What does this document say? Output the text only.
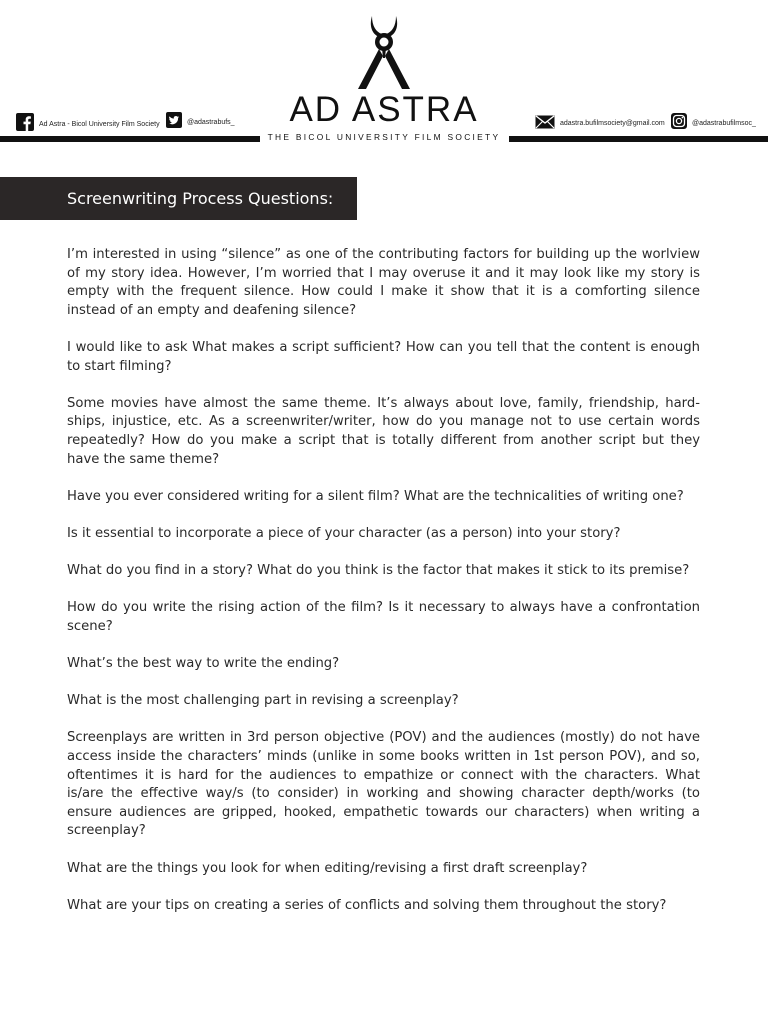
Ad Astra - Bicol University Film Society	@adastrabufs_	AD ASTRA
THE BICOL UNIVERSITY FILM SOCIETY
adastra.bufilmsociety@gmail.com	@adastrabufilmsoc_
Screenwriting Process Questions:

I’m interested in using “silence” as one of the contributing factors for building up the worlview of my story idea. However, I’m worried that I may overuse it and it may look like my story is empty with the frequent silence. How could I make it show that it is a comforting silence instead of an empty and deafening silence?

I would like to ask What makes a script sufficient? How can you tell that the content is enough to start filming?

Some movies have almost the same theme. It’s always about love, family, friendship, hardships, injustice, etc. As a screenwriter/writer, how do you manage not to use certain words repeatedly? How do you make a script that is totally different from another script but they have the same theme?

Have you ever considered writing for a silent film? What are the technicalities of writing one?

Is it essential to incorporate a piece of your character (as a person) into your story?

What do you find in a story? What do you think is the factor that makes it stick to its premise?

How do you write the rising action of the film? Is it necessary to always have a confrontation scene?

What’s the best way to write the ending?

What is the most challenging part in revising a screenplay?

Screenplays are written in 3rd person objective (POV) and the audiences (mostly) do not have access inside the characters’ minds (unlike in some books written in 1st person POV), and so, oftentimes it is hard for the audiences to empathize or connect with the characters. What is/are the effective way/s (to consider) in working and showing character depth/works (to ensure audiences are gripped, hooked, empathetic towards our characters) when writing a screenplay?

What are the things you look for when editing/revising a first draft screenplay?

What are your tips on creating a series of conflicts and solving them throughout the story?
